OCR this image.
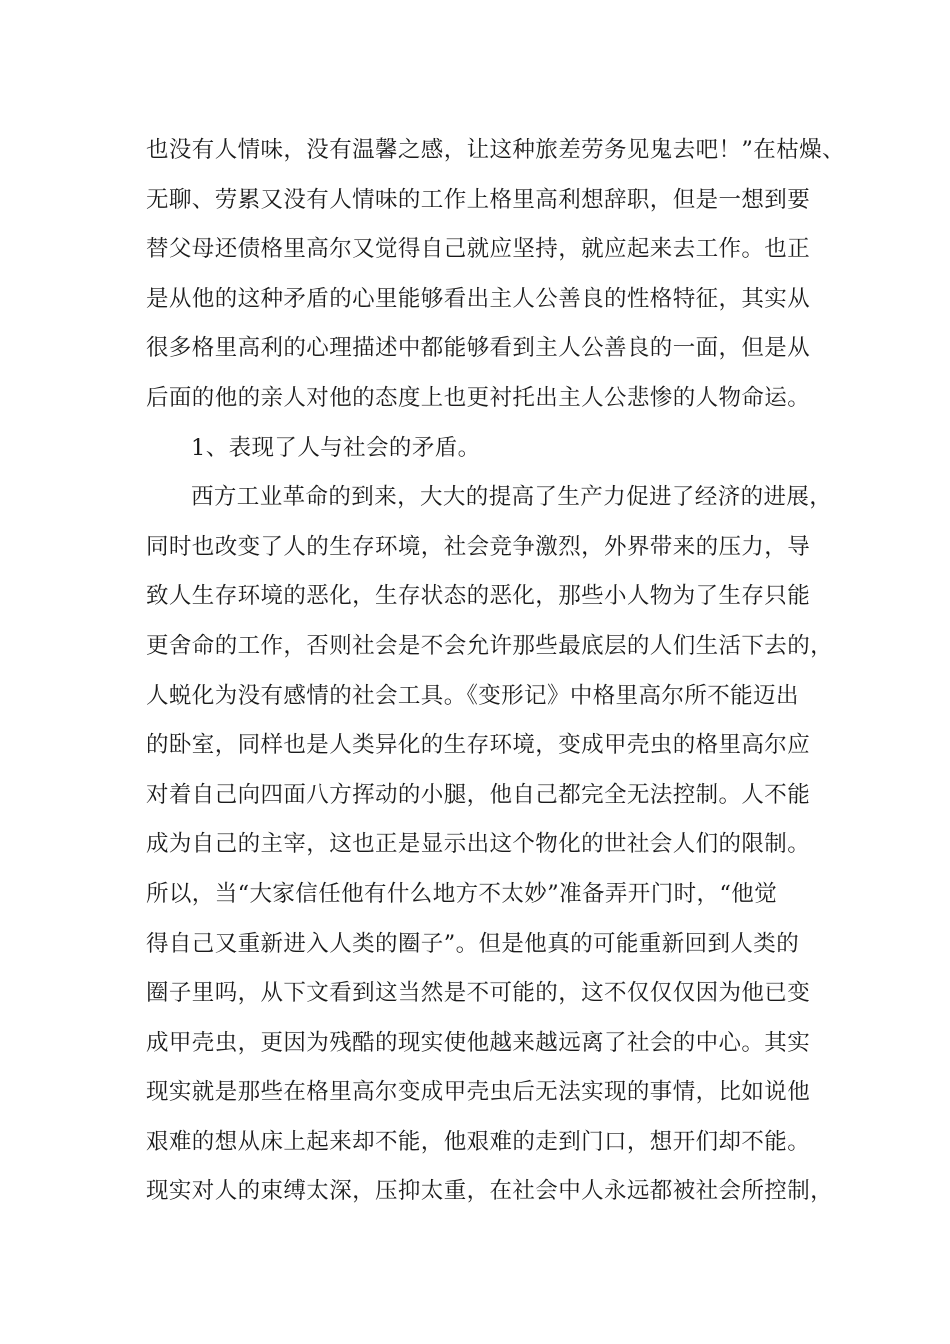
也没有人情味，没有温馨之感，让这种旅差劳务见鬼去吧！”在枯燥、
无聊、劳累又没有人情味的工作上格里高利想辞职，但是一想到要
替父母还债格里高尔又觉得自己就应坚持，就应起来去工作。也正
是从他的这种矛盾的心里能够看出主人公善良的性格特征，其实从
很多格里高利的心理描述中都能够看到主人公善良的一面，但是从
后面的他的亲人对他的态度上也更衬托出主人公悲惨的人物命运。
1、表现了人与社会的矛盾。
西方工业革命的到来，大大的提高了生产力促进了经济的进展，
同时也改变了人的生存环境，社会竞争激烈，外界带来的压力，导
致人生存环境的恶化，生存状态的恶化，那些小人物为了生存只能
更舍命的工作，否则社会是不会允许那些最底层的人们生活下去的，
人蜕化为没有感情的社会工具。《变形记》中格里高尔所不能迈出
的卧室，同样也是人类异化的生存环境，变成甲壳虫的格里高尔应
对着自己向四面八方挥动的小腿，他自己都完全无法控制。人不能
成为自己的主宰，这也正是显示出这个物化的世社会人们的限制。
所以，当“大家信任他有什么地方不太妙”准备弄开门时，“他觉
得自己又重新进入人类的圈子”。但是他真的可能重新回到人类的
圈子里吗，从下文看到这当然是不可能的，这不仅仅仅因为他已变
成甲壳虫，更因为残酷的现实使他越来越远离了社会的中心。其实
现实就是那些在格里高尔变成甲壳虫后无法实现的事情，比如说他
艰难的想从床上起来却不能，他艰难的走到门口，想开们却不能。
现实对人的束缚太深，压抑太重，在社会中人永远都被社会所控制，
